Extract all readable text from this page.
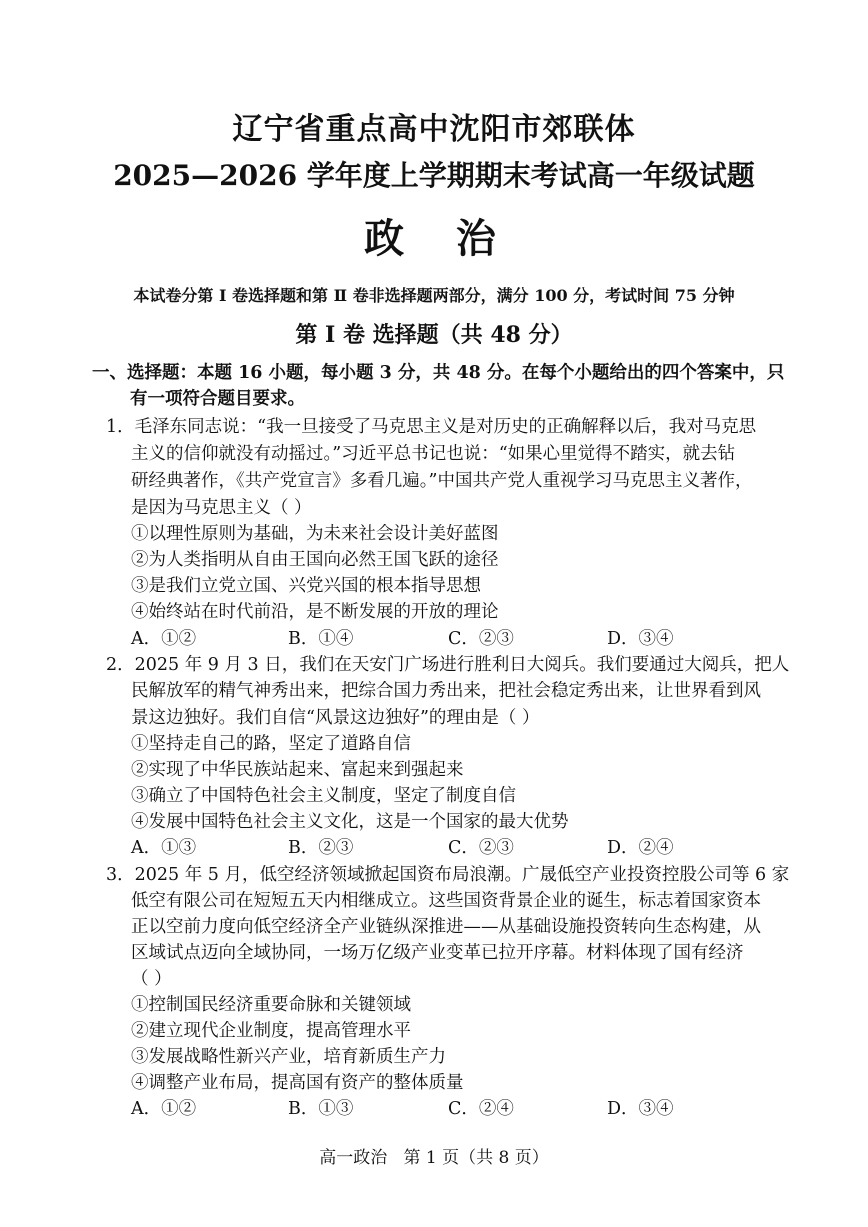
辽宁省重点高中沈阳市郊联体
2025—2026 学年度上学期期末考试高一年级试题
政  治
本试卷分第 I 卷选择题和第 Ⅱ 卷非选择题两部分，满分 100 分，考试时间 75 分钟
第 I 卷 选择题（共 48 分）
一、选择题：本题 16 小题，每小题 3 分，共 48 分。在每个小题给出的四个答案中，只
有一项符合题目要求。
1．毛泽东同志说：“我一旦接受了马克思主义是对历史的正确解释以后，我对马克思
主义的信仰就没有动摇过。”习近平总书记也说：“如果心里觉得不踏实，就去钻
研经典著作，《共产党宣言》多看几遍。”中国共产党人重视学习马克思主义著作，
是因为马克思主义（ ）
①以理性原则为基础，为未来社会设计美好蓝图
②为人类指明从自由王国向必然王国飞跃的途径
③是我们立党立国、兴党兴国的根本指导思想
④始终站在时代前沿，是不断发展的开放的理论
A．①②	B．①④	C．②③	D．③④
2．2025 年 9 月 3 日，我们在天安门广场进行胜利日大阅兵。我们要通过大阅兵，把人
民解放军的精气神秀出来，把综合国力秀出来，把社会稳定秀出来，让世界看到风
景这边独好。我们自信“风景这边独好”的理由是（ ）
①坚持走自己的路，坚定了道路自信
②实现了中华民族站起来、富起来到强起来
③确立了中国特色社会主义制度，坚定了制度自信
④发展中国特色社会主义文化，这是一个国家的最大优势
A．①③	B．②③	C．②③	D．②④
3．2025 年 5 月，低空经济领域掀起国资布局浪潮。广晟低空产业投资控股公司等 6 家
低空有限公司在短短五天内相继成立。这些国资背景企业的诞生，标志着国家资本
正以空前力度向低空经济全产业链纵深推进——从基础设施投资转向生态构建，从
区域试点迈向全域协同，一场万亿级产业变革已拉开序幕。材料体现了国有经济
（ ）
①控制国民经济重要命脉和关键领域
②建立现代企业制度，提高管理水平
③发展战略性新兴产业，培育新质生产力
④调整产业布局，提高国有资产的整体质量
A．①②	B．①③	C．②④	D．③④
高一政治   第 1 页（共 8 页）
